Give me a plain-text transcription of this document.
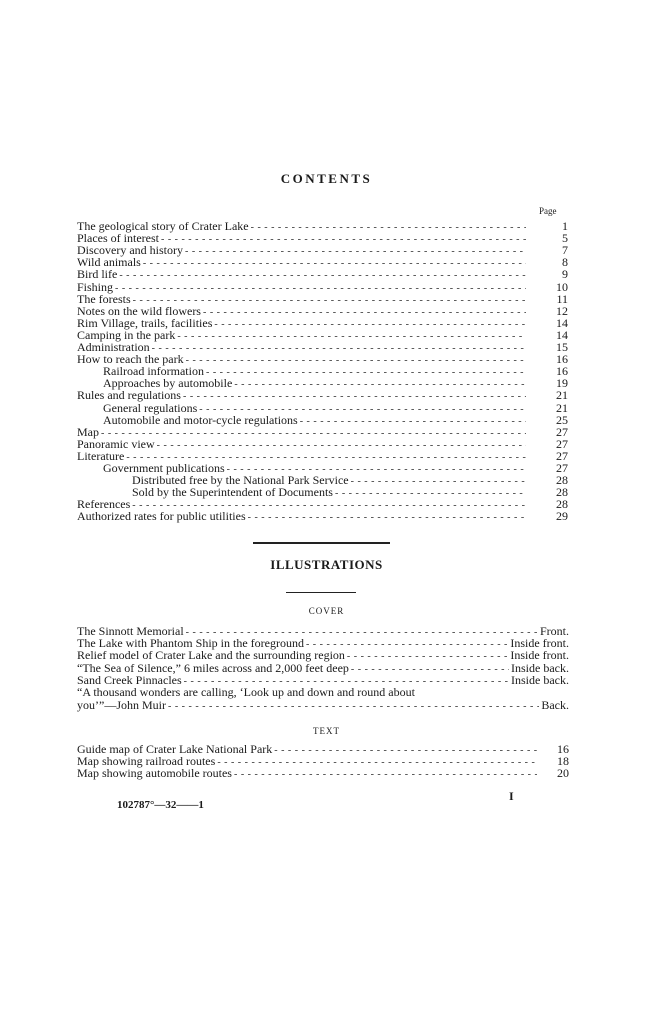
CONTENTS
Page
The geological story of Crater Lake - - -	1
Places of interest - - -	5
Discovery and history - - -	7
Wild animals - - -	8
Bird life - - -	9
Fishing - - -	10
The forests - - -	11
Notes on the wild flowers - - -	12
Rim Village, trails, facilities - - -	14
Camping in the park - - -	14
Administration - - -	15
How to reach the park - - -	16
Railroad information - - -	16
Approaches by automobile - - -	19
Rules and regulations - - -	21
General regulations - - -	21
Automobile and motor-cycle regulations - - -	25
Map - - -	27
Panoramic view - - -	27
Literature - - -	27
Government publications - - -	27
Distributed free by the National Park Service - - -	28
Sold by the Superintendent of Documents - - -	28
References - - -	28
Authorized rates for public utilities - - -	29
ILLUSTRATIONS
COVER
The Sinnott Memorial - - -	Front.
The Lake with Phantom Ship in the foreground - - -	Inside front.
Relief model of Crater Lake and the surrounding region - - -	Inside front.
“The Sea of Silence,” 6 miles across and 2,000 feet deep - - -	Inside back.
Sand Creek Pinnacles - - -	Inside back.
“A thousand wonders are calling, ‘Look up and down and round about
you’”—John Muir - - -	Back.
TEXT
Guide map of Crater Lake National Park - - -	16
Map showing railroad routes - - -	18
Map showing automobile routes - - -	20
102787°—32——1
I
